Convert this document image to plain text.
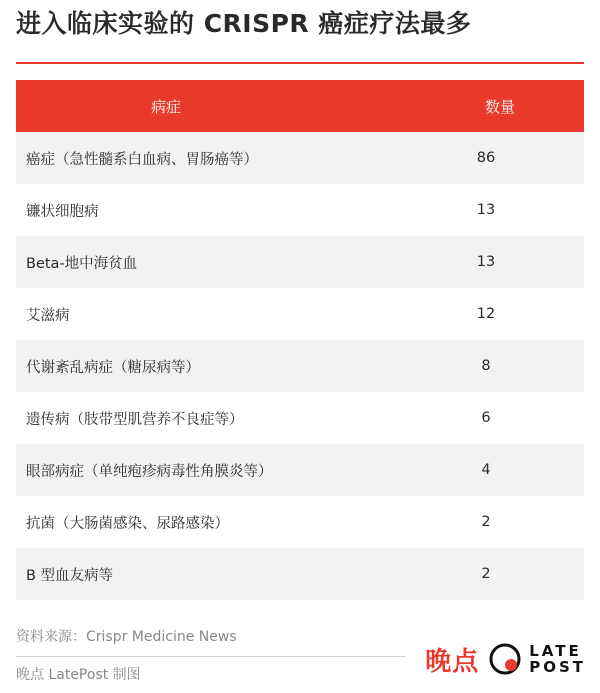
进入临床实验的 CRISPR 癌症疗法最多
病症	数量
癌症（急性髓系白血病、胃肠癌等）	86
镰状细胞病	13
Beta-地中海贫血	13
艾滋病	12
代谢紊乱病症（糖尿病等）	8
遗传病（肢带型肌营养不良症等）	6
眼部病症（单纯疱疹病毒性角膜炎等）	4
抗菌（大肠菌感染、尿路感染）	2
B 型血友病等	2
资料来源：Crispr Medicine News
晚点 LatePost 制图	晚点	LATE
POST
